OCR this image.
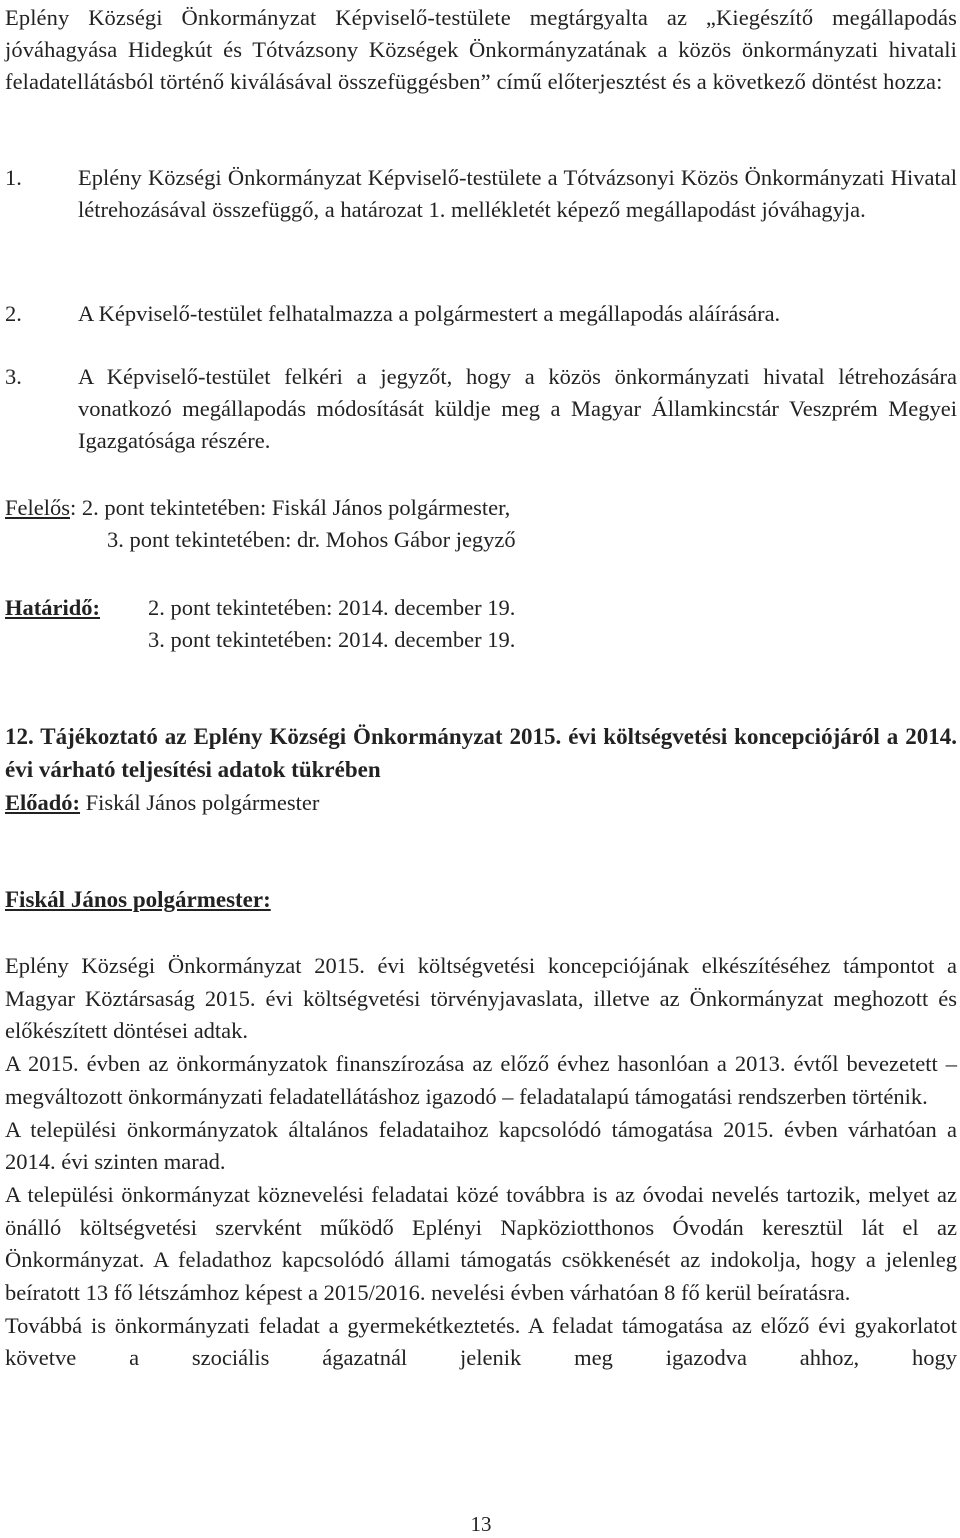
Eplény Községi Önkormányzat Képviselő-testülete megtárgyalta az „Kiegészítő megállapodás jóváhagyása Hidegkút és Tótvázsony Községek Önkormányzatának a közös önkormányzati hivatali feladatellátásból történő kiválásával összefüggésben” című előterjesztést és a következő döntést hozza:
1. Eplény Községi Önkormányzat Képviselő-testülete a Tótvázsonyi Közös Önkormányzati Hivatal létrehozásával összefüggő, a határozat 1. mellékletét képező megállapodást jóváhagyja.
2. A Képviselő-testület felhatalmazza a polgármestert a megállapodás aláírására.
3. A Képviselő-testület felkéri a jegyzőt, hogy a közös önkormányzati hivatal létrehozására vonatkozó megállapodás módosítását küldje meg a Magyar Államkincstár Veszprém Megyei Igazgatósága részére.
Felelős: 2. pont tekintetében: Fiskál János polgármester,
3. pont tekintetében: dr. Mohos Gábor jegyző
Határidő: 2. pont tekintetében: 2014. december 19.
3. pont tekintetében: 2014. december 19.
12. Tájékoztató az Eplény Községi Önkormányzat 2015. évi költségvetési koncepciójáról a 2014. évi várható teljesítési adatok tükrében
Előadó: Fiskál János polgármester
Fiskál János polgármester:

Eplény Községi Önkormányzat 2015. évi költségvetési koncepciójának elkészítéséhez támpontot a Magyar Köztársaság 2015. évi költségvetési törvényjavaslata, illetve az Önkormányzat meghozott és előkészített döntései adtak.

A 2015. évben az önkormányzatok finanszírozása az előző évhez hasonlóan a 2013. évtől bevezetett – megváltozott önkormányzati feladatellátáshoz igazodó – feladatalapú támogatási rendszerben történik.

A települési önkormányzatok általános feladataihoz kapcsolódó támogatása 2015. évben várhatóan a 2014. évi szinten marad.

A települési önkormányzat köznevelési feladatai közé továbbra is az óvodai nevelés tartozik, melyet az önálló költségvetési szervként működő Eplényi Napköziotthonos Óvodán keresztül lát el az Önkormányzat. A feladathoz kapcsolódó állami támogatás csökkenését az indokolja, hogy a jelenleg beíratott 13 fő létszámhoz képest a 2015/2016. nevelési évben várhatóan 8 fő kerül beíratásra.

Továbbá is önkormányzati feladat a gyermekétkeztetés. A feladat támogatása az előző évi gyakorlatot követve a szociális ágazatnál jelenik meg igazodva ahhoz, hogy

13
